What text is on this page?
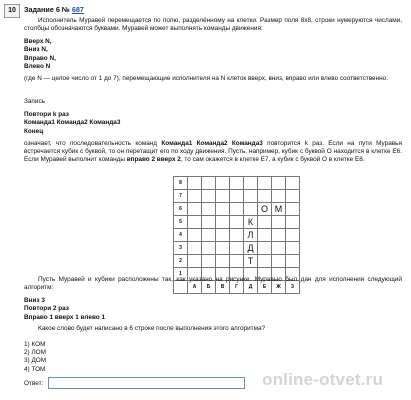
10	Задание 6 № 687

Исполнитель Муравей перемещается по полю, разделённому на клетки. Размер поля 8х8, строки нумеруются числами, столбцы обозначаются буквами. Муравей может выполнять команды движения:

Вверх N,
Вниз N,
Вправо N,
Влево N

(где N — целое число от 1 до 7), перемещающие исполнителя на N клеток вверх, вниз, вправо или влево соответственно.

Запись
Повтори k раз
Команда1 Команда2 Команда3
Конец

означает, что последовательность команд Команда1 Команда2 Команда3 повторится k раз. Если на пути Муравья встречается кубик с буквой, то он перетащит его по ходу движения. Пусть, например, кубик с буквой О находится в клетке Е6. Если Муравей выполнит команды вправо 2 вверх 2, то сам окажется в клетке Е7, а кубик с буквой О в клетке Е8.

8								
7								
6						О	М	
5					К			
4					Л			
3					Д			
2					Т			
1								
	А	Б	В	Г	Д	Е	Ж	З

Пусть Муравей и кубики расположены так, как указано на рисунке. Муравью был дан для исполнения следующий алгоритм:

Вниз 3
Повтори 2 раз
Вправо 1 вверх 1 влево 1

Какое слово будет написано в 6 строке после выполнения этого алгоритма?

1) КОМ
2) ЛОМ
3) ДОМ
4) ТОМ
Ответ:	online-otvet.ru
